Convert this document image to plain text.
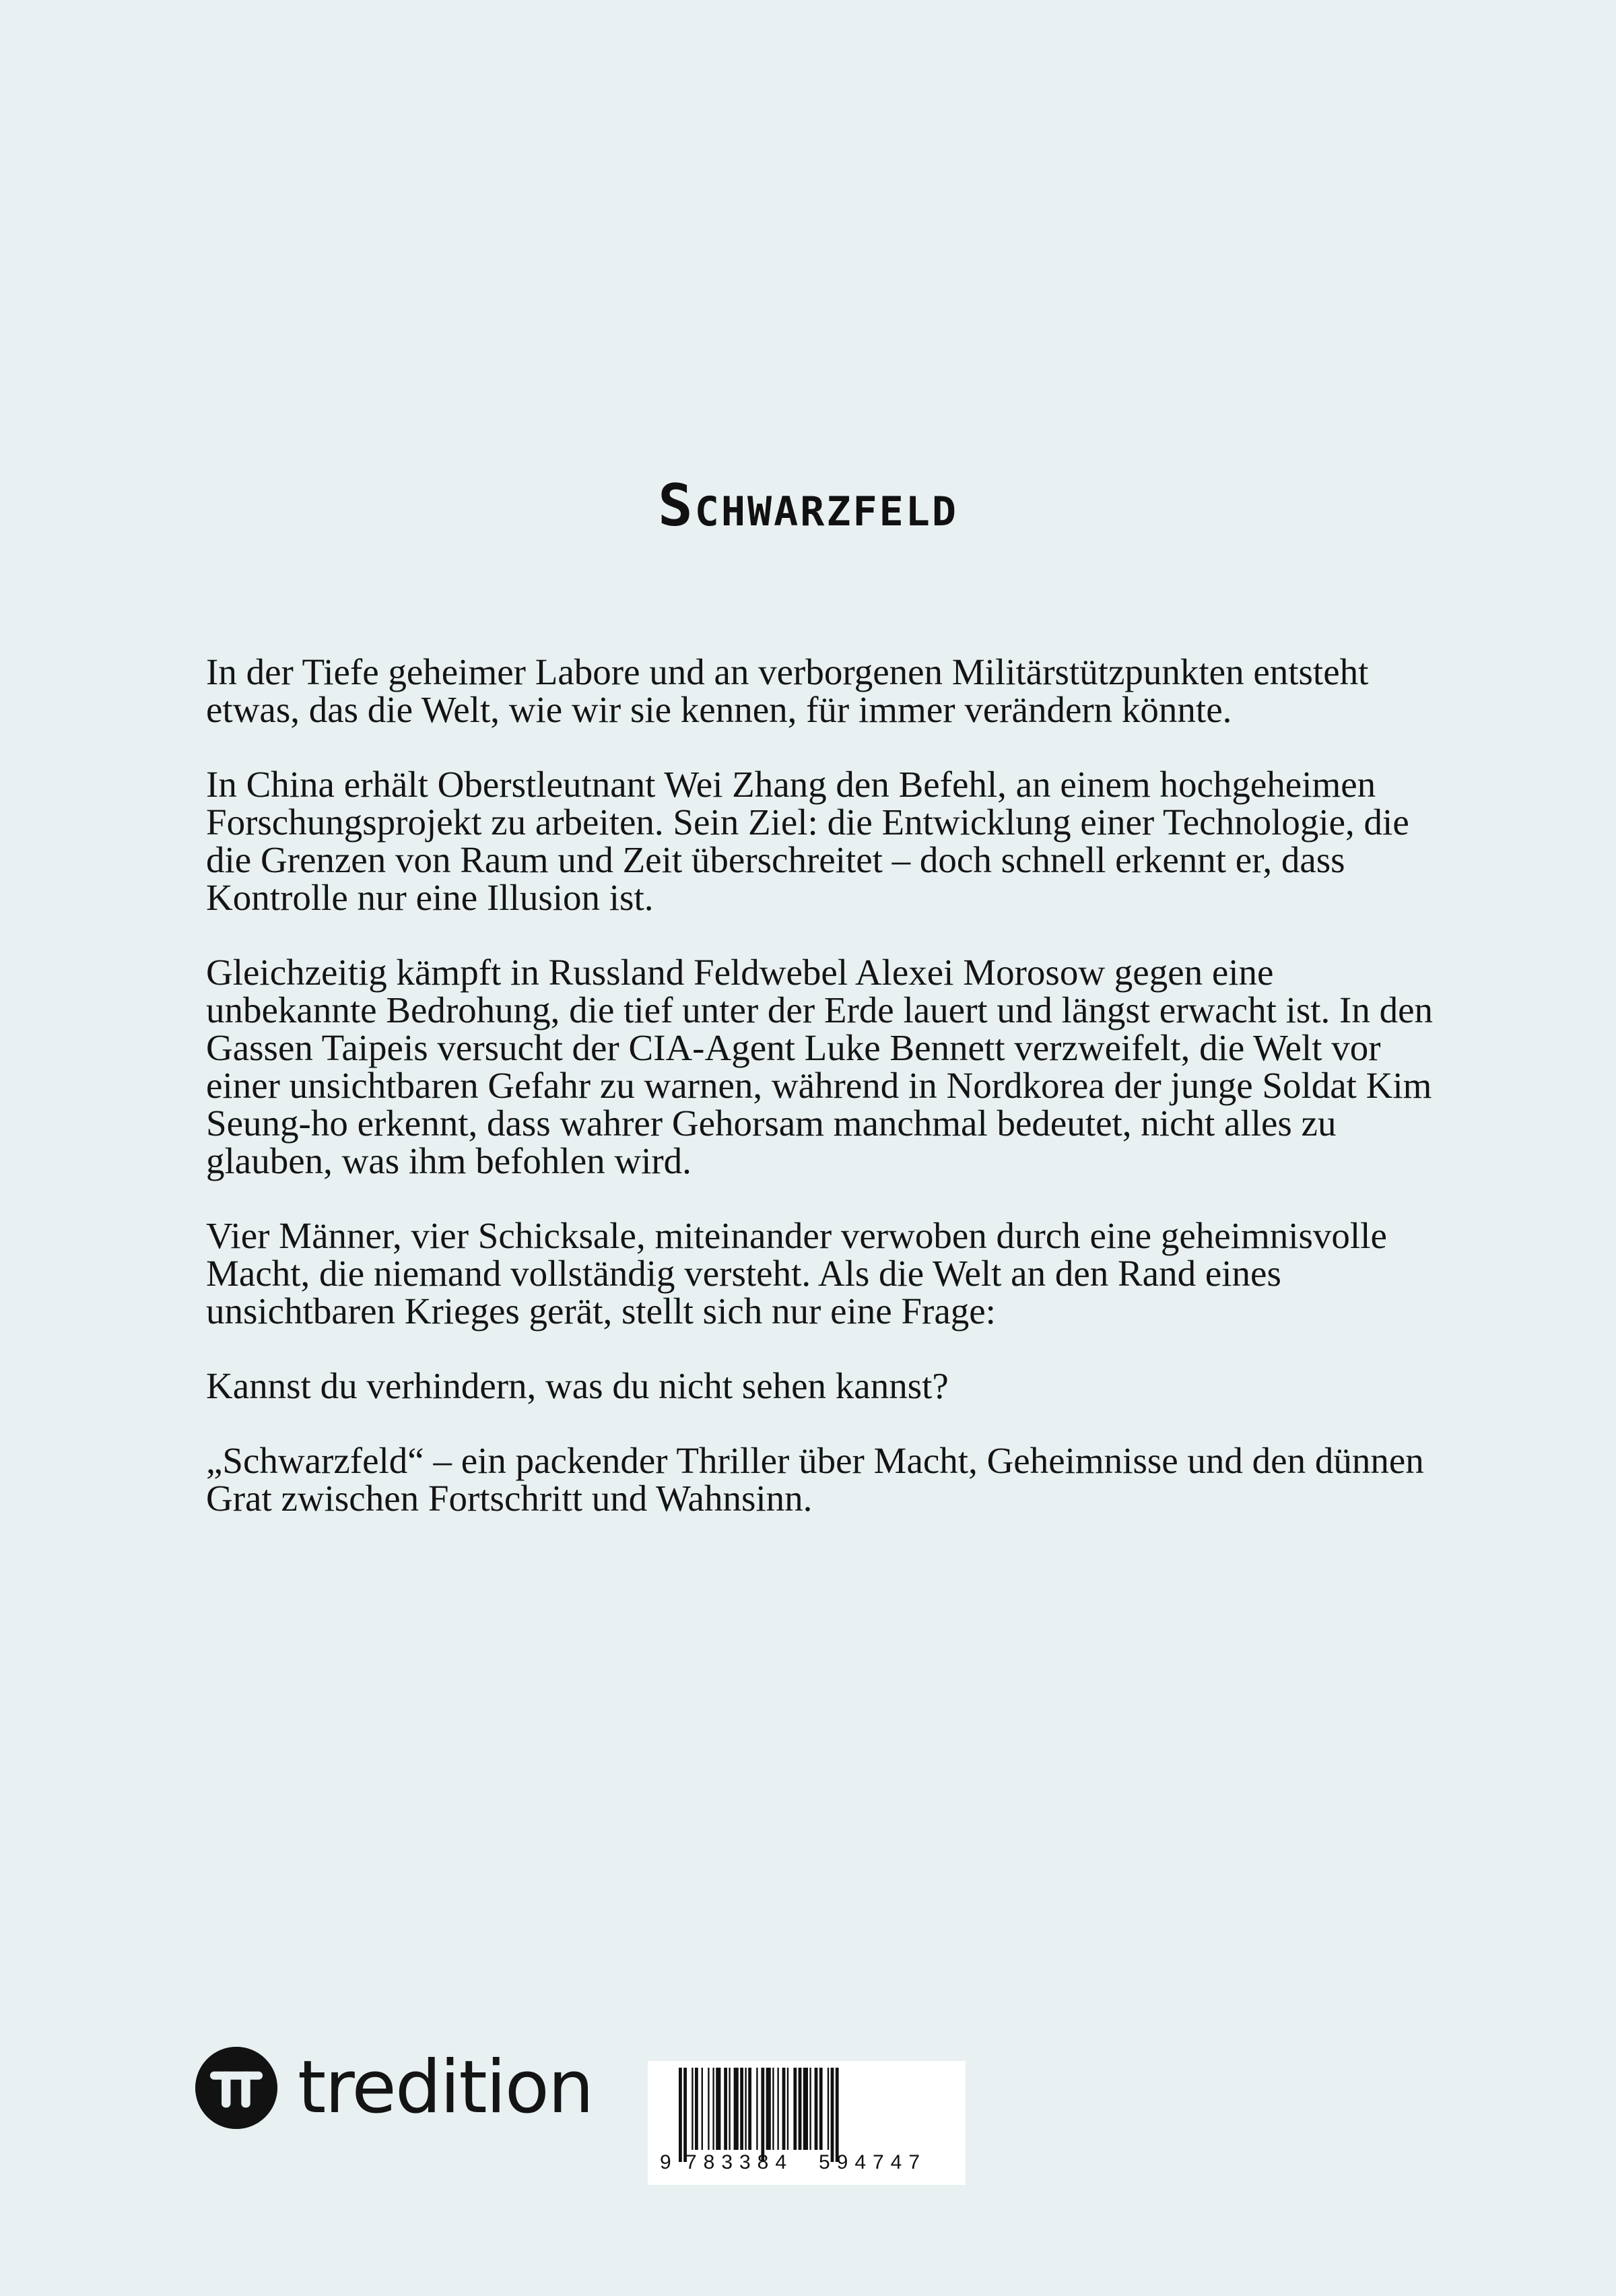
Schwarzfeld

In der Tiefe geheimer Labore und an verborgenen Militärstützpunkten entsteht etwas, das die Welt, wie wir sie kennen, für immer verändern könnte.

In China erhält Oberstleutnant Wei Zhang den Befehl, an einem hochgeheimen Forschungsprojekt zu arbeiten. Sein Ziel: die Entwicklung einer Technologie, die die Grenzen von Raum und Zeit überschreitet – doch schnell erkennt er, dass Kontrolle nur eine Illusion ist.

Gleichzeitig kämpft in Russland Feldwebel Alexei Morosow gegen eine unbekannte Bedrohung, die tief unter der Erde lauert und längst erwacht ist. In den Gassen Taipeis versucht der CIA-Agent Luke Bennett verzweifelt, die Welt vor einer unsichtbaren Gefahr zu warnen, während in Nordkorea der junge Soldat Kim Seung-ho erkennt, dass wahrer Gehorsam manchmal bedeutet, nicht alles zu glauben, was ihm befohlen wird.

Vier Männer, vier Schicksale, miteinander verwoben durch eine geheimnisvolle Macht, die niemand vollständig versteht. Als die Welt an den Rand eines unsichtbaren Krieges gerät, stellt sich nur eine Frage:

Kannst du verhindern, was du nicht sehen kannst?

„Schwarzfeld“ – ein packender Thriller über Macht, Geheimnisse und den dünnen Grat zwischen Fortschritt und Wahnsinn.

tredition
9 783384 594747
